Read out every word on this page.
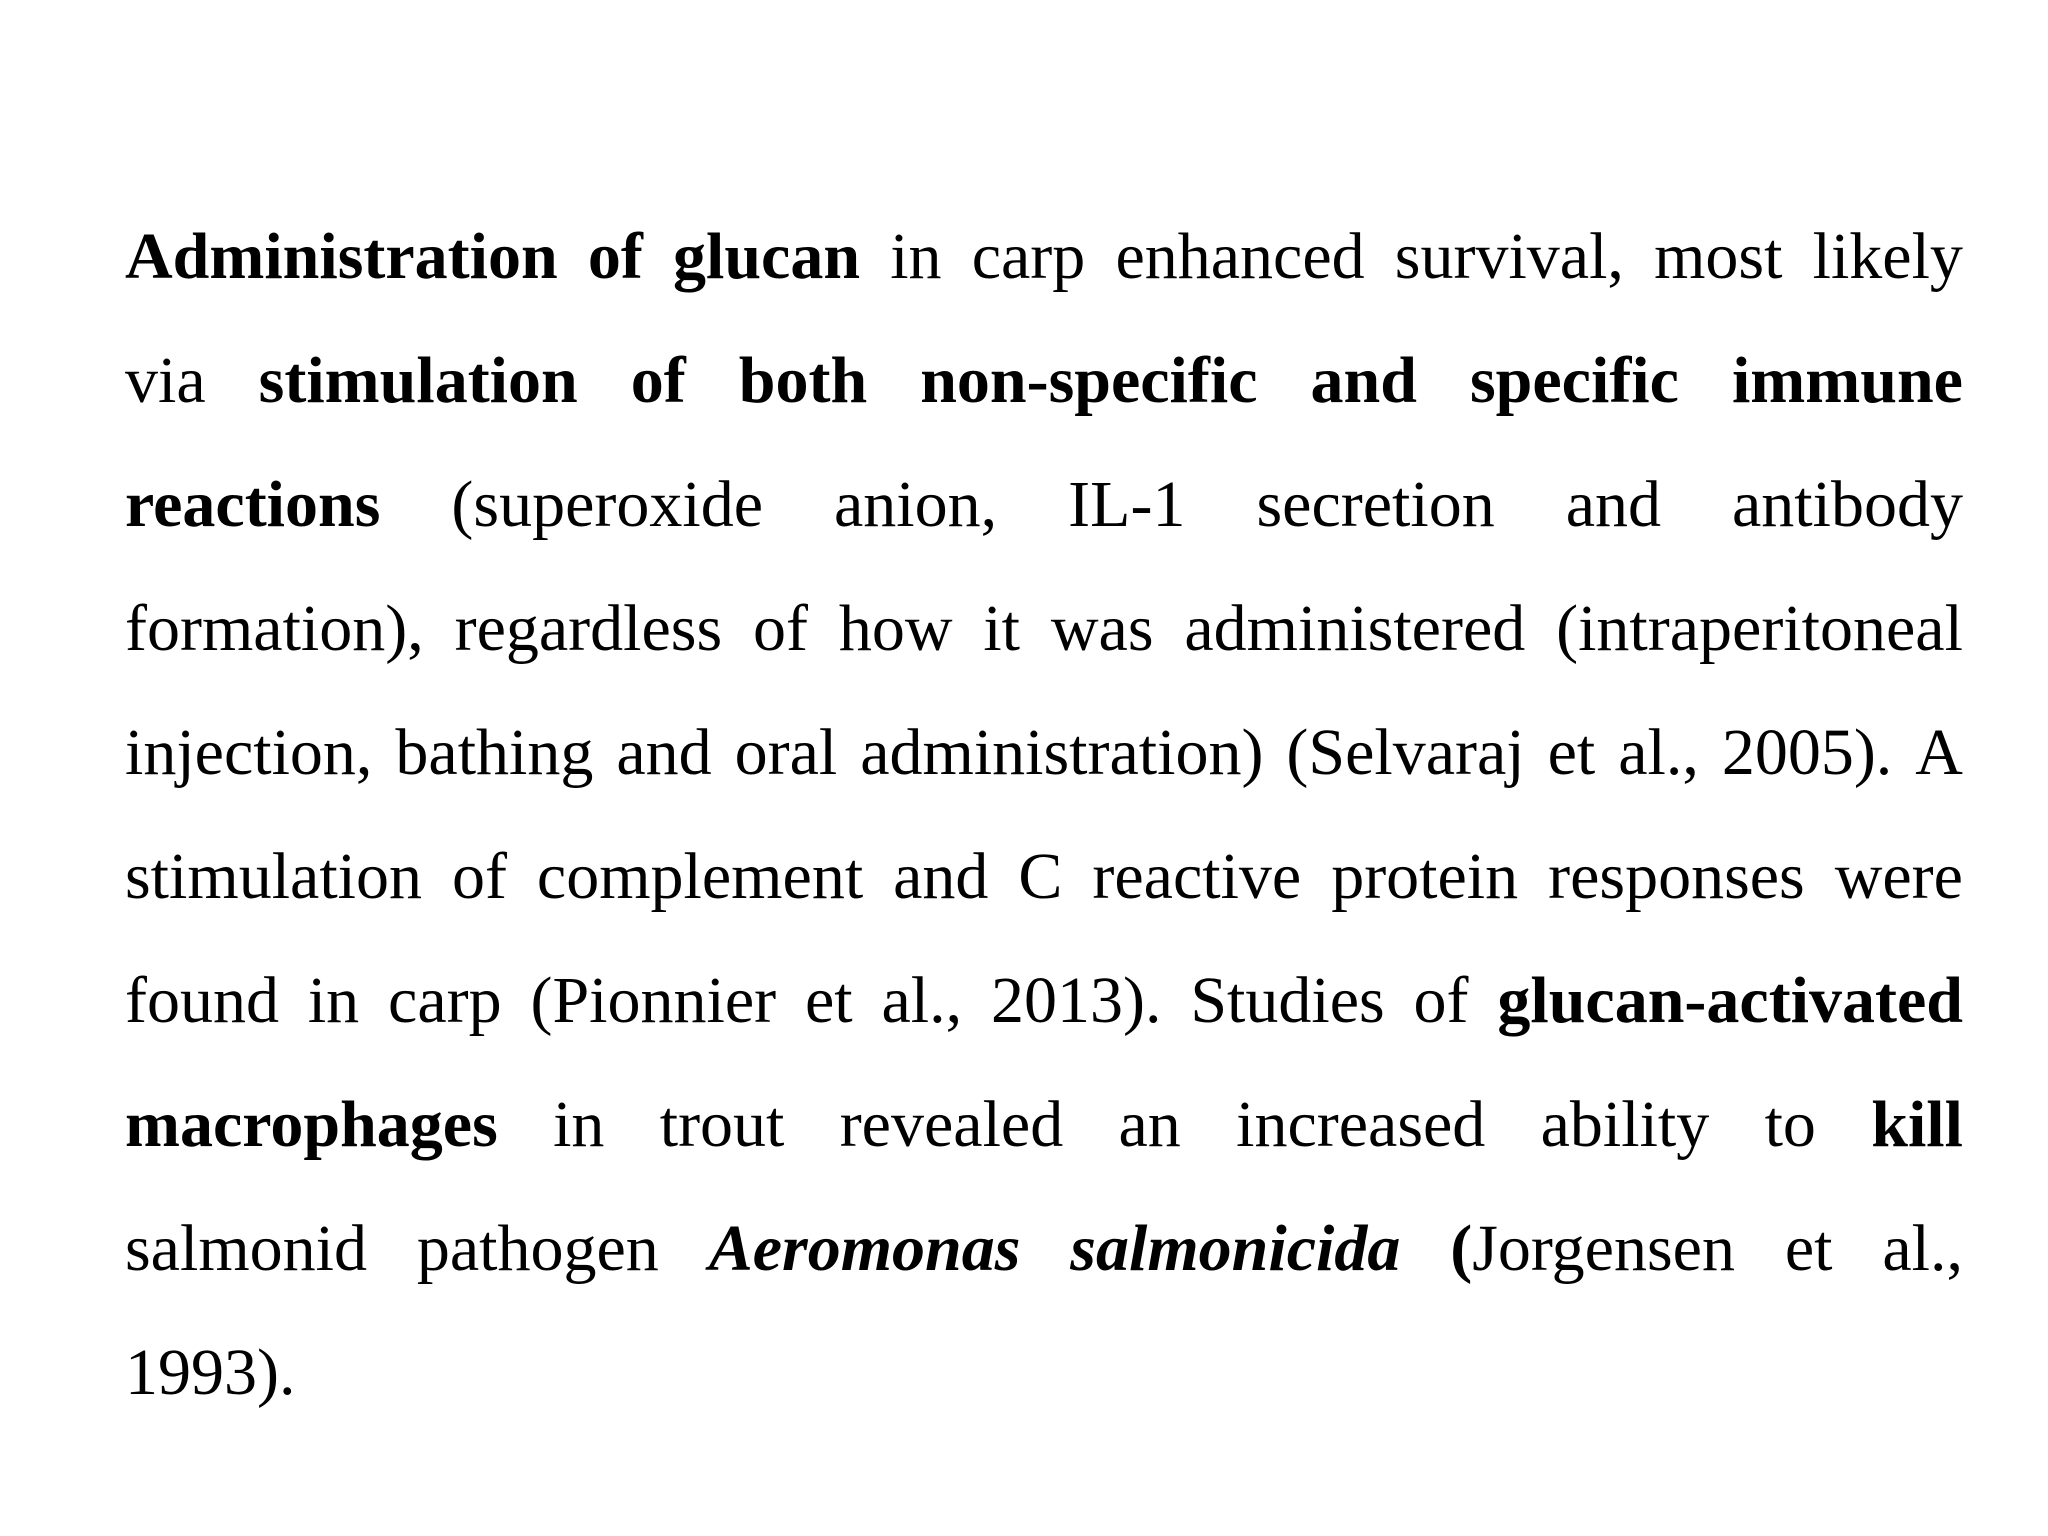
Administration of glucan in carp enhanced survival, most likely
via stimulation of both non-specific and specific immune
reactions (superoxide anion, IL-1 secretion and antibody
formation), regardless of how it was administered (intraperitoneal
injection, bathing and oral administration) (Selvaraj et al., 2005). A
stimulation of complement and C reactive protein responses were
found in carp (Pionnier et al., 2013). Studies of glucan-activated
macrophages in trout revealed an increased ability to kill
salmonid pathogen Aeromonas salmonicida (Jorgensen et al.,
1993).
